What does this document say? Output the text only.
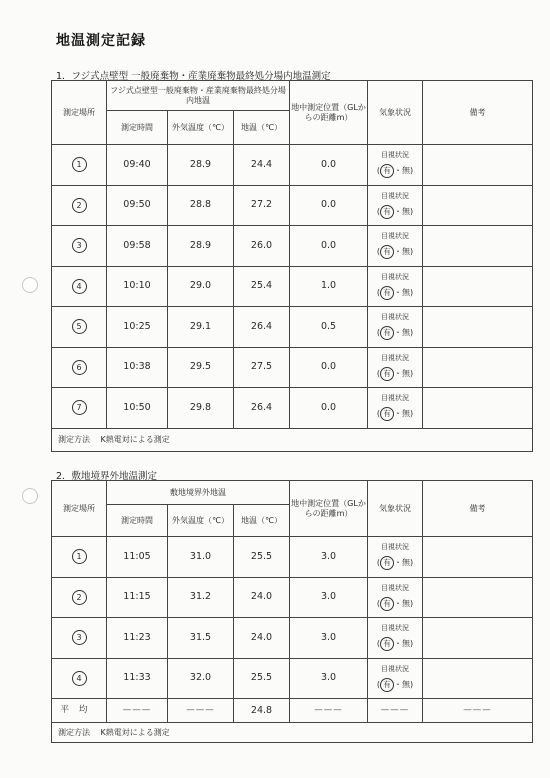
地温測定記録
1．フジ式点壁型 一般廃棄物・産業廃棄物最終処分場内地温測定
測定場所	フジ式点壁型一般廃棄物・産業廃棄物最終処分場内地温			地中測定位置（GLからの距離m）	気象状況	備考
	測定時間	外気温度（℃）	地温（℃）			
1	09:40	28.9	24.4	0.0	目視状況
( 有 ・無)	

2	09:50	28.8	27.2	0.0	目視状況
( 有 ・無)	

3	09:58	28.9	26.0	0.0	目視状況
( 有 ・無)	

4	10:10	29.0	25.4	1.0	目視状況
( 有 ・無)	

5	10:25	29.1	26.4	0.5	目視状況
( 有 ・無)	

6	10:38	29.5	27.5	0.0	目視状況
( 有 ・無)	

7	10:50	29.8	26.4	0.0	目視状況
( 有 ・無)	

測定方法　 K熱電対による測定						
2．敷地境界外地温測定
測定場所	敷地境界外地温			地中測定位置（GLからの距離m）	気象状況	備考
	測定時間	外気温度（℃）	地温（℃）			
1	11:05	31.0	25.5	3.0	目視状況
( 有 ・無)	

2	11:15	31.2	24.0	3.0	目視状況
( 有 ・無)	

3	11:23	31.5	24.0	3.0	目視状況
( 有 ・無)	

4	11:33	32.0	25.5	3.0	目視状況
( 有 ・無)	

平均	———	———	24.8	———	———	———
測定方法　 K熱電対による測定						
